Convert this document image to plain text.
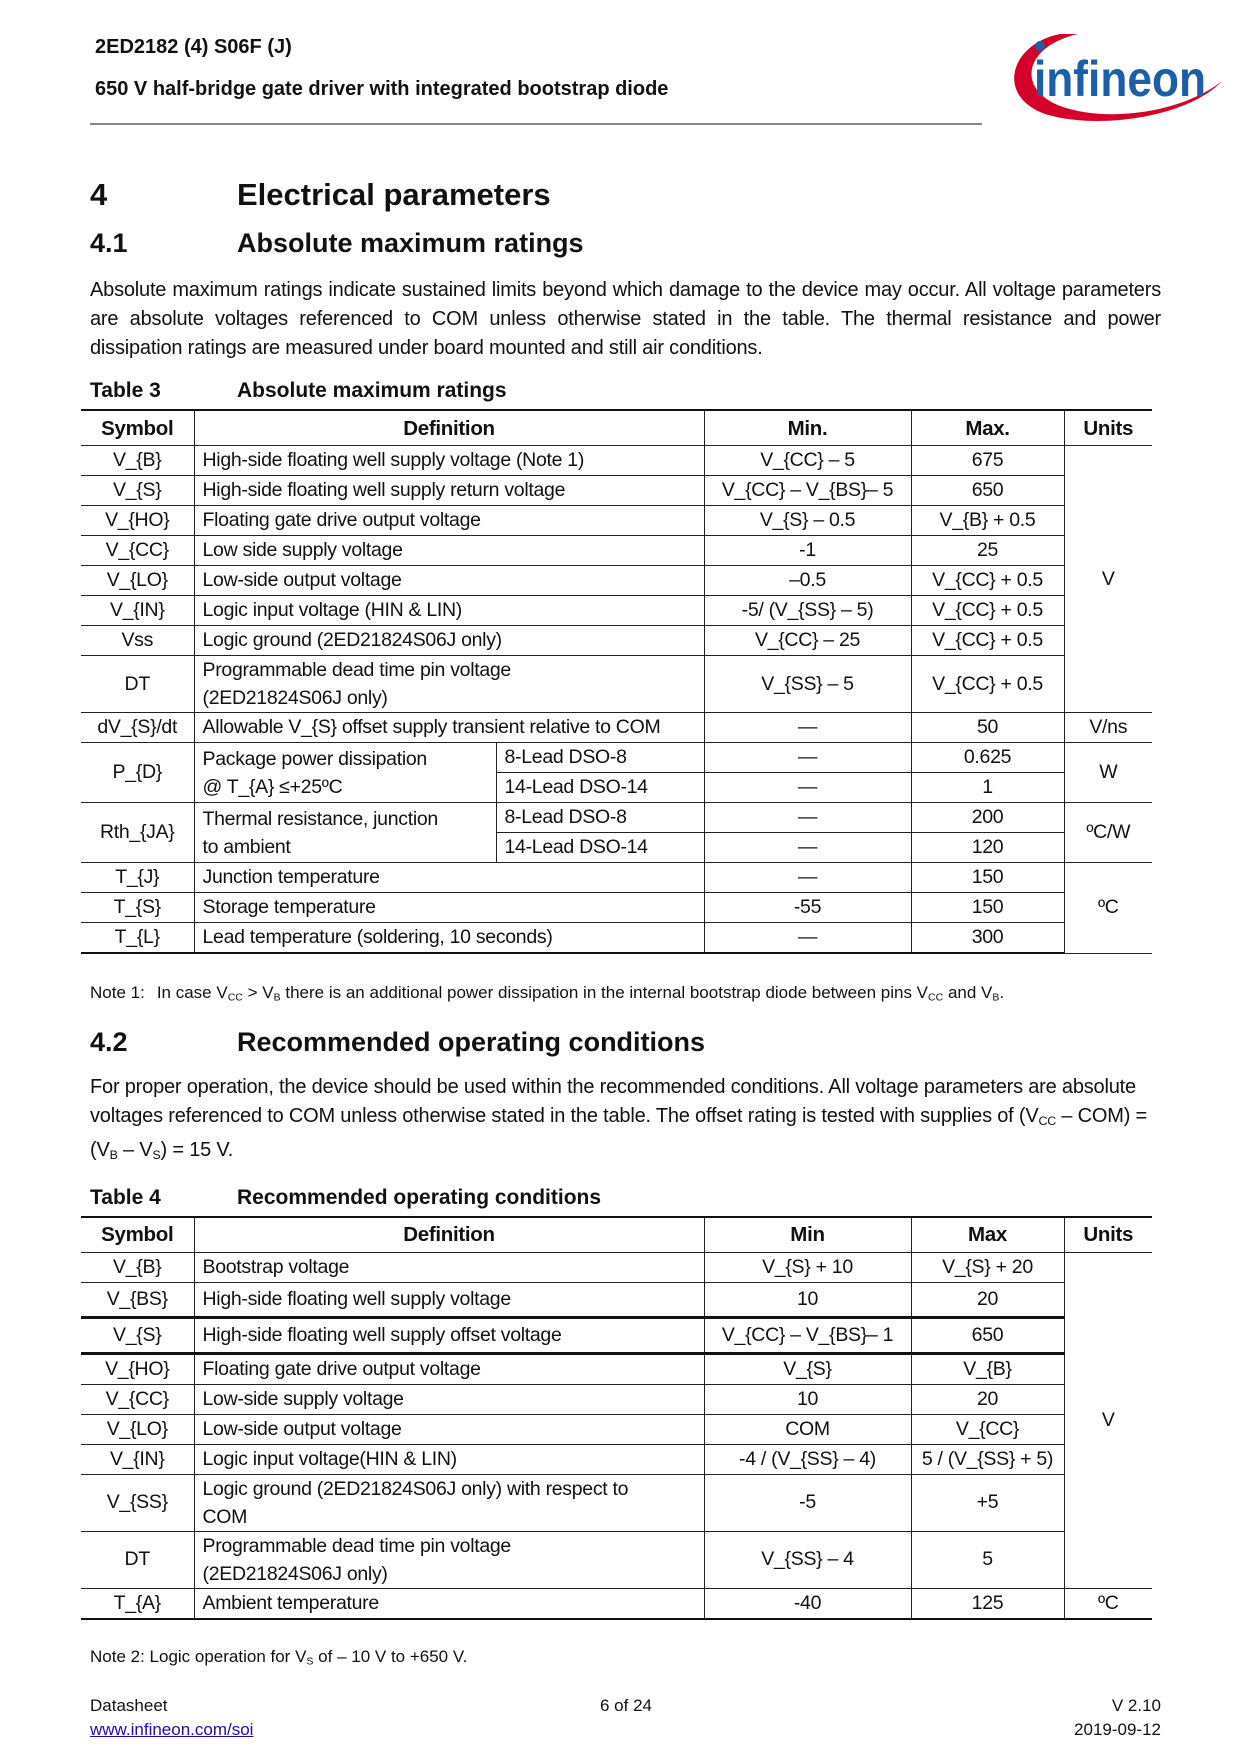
2ED2182 (4) S06F (J)
650 V half-bridge gate driver with integrated bootstrap diode	infineon
4	Electrical parameters
4.1	Absolute maximum ratings
Absolute maximum ratings indicate sustained limits beyond which damage to the device may occur. All voltage parameters are absolute voltages referenced to COM unless otherwise stated in the table. The thermal resistance and power dissipation ratings are measured under board mounted and still air conditions.
Table 3	Absolute maximum ratings
Symbol	Definition		Min.	Max.	Units
V_{B}	High-side floating well supply voltage (Note 1)		V_{CC} – 5	675	V
V_{S}	High-side floating well supply return voltage		V_{CC} – V_{BS}– 5	650	
V_{HO}	Floating gate drive output voltage		V_{S} – 0.5	V_{B} + 0.5	
V_{CC}	Low side supply voltage		-1	25	
V_{LO}	Low-side output voltage		–0.5	V_{CC} + 0.5	
V_{IN}	Logic input voltage (HIN & LIN)		-5/ (V_{SS} – 5)	V_{CC} + 0.5	
Vss	Logic ground (2ED21824S06J only)		V_{CC} – 25	V_{CC} + 0.5	
DT	Programmable dead time pin voltage
(2ED21824S06J only)		V_{SS} – 5	V_{CC} + 0.5	
dV_{S}/dt	Allowable V_{S} offset supply transient relative to COM		—	50	V/ns
P_{D}	Package power dissipation
@ T_{A} ≤+25ºC	8-Lead DSO-8	—	0.625	W
		14-Lead DSO-14	—	1	
Rth_{JA}	Thermal resistance, junction
to ambient	8-Lead DSO-8	—	200	ºC/W
		14-Lead DSO-14	—	120	
T_{J}	Junction temperature		—	150	ºC
T_{S}	Storage temperature		-55	150	
T_{L}	Lead temperature (soldering, 10 seconds)		—	300	
Note 1: In case $V_{CC} > V_B$ there is an additional power dissipation in the internal bootstrap diode between pins $V_{CC}$ and $V_B$.
4.2	Recommended operating conditions
For proper operation, the device should be used within the recommended conditions. All voltage parameters are absolute voltages referenced to COM unless otherwise stated in the table. The offset rating is tested with supplies of $(V_{CC} - COM) = (V_B - V_S) = 15$ V.
Table 4	Recommended operating conditions
Symbol	Definition	Min	Max	Units
V_{B}	Bootstrap voltage	V_{S} + 10	V_{S} + 20	V
V_{BS}	High-side floating well supply voltage	10	20	
V_{S}	High-side floating well supply offset voltage	V_{CC} – V_{BS}– 1	650	
V_{HO}	Floating gate drive output voltage	V_{S}	V_{B}	
V_{CC}	Low-side supply voltage	10	20	
V_{LO}	Low-side output voltage	COM	V_{CC}	
V_{IN}	Logic input voltage(HIN & LIN)	-4 / (V_{SS} – 4)	5 / (V_{SS} + 5)	
V_{SS}	Logic ground (2ED21824S06J only) with respect to
COM	-5	+5	
DT	Programmable dead time pin voltage
(2ED21824S06J only)	V_{SS} – 4	5	
T_{A}	Ambient temperature	-40	125	ºC
Note 2: Logic operation for $V_S$ of – 10 V to +650 V.
Datasheet	6 of 24	V 2.10
www.infineon.com/soi	2019-09-12
